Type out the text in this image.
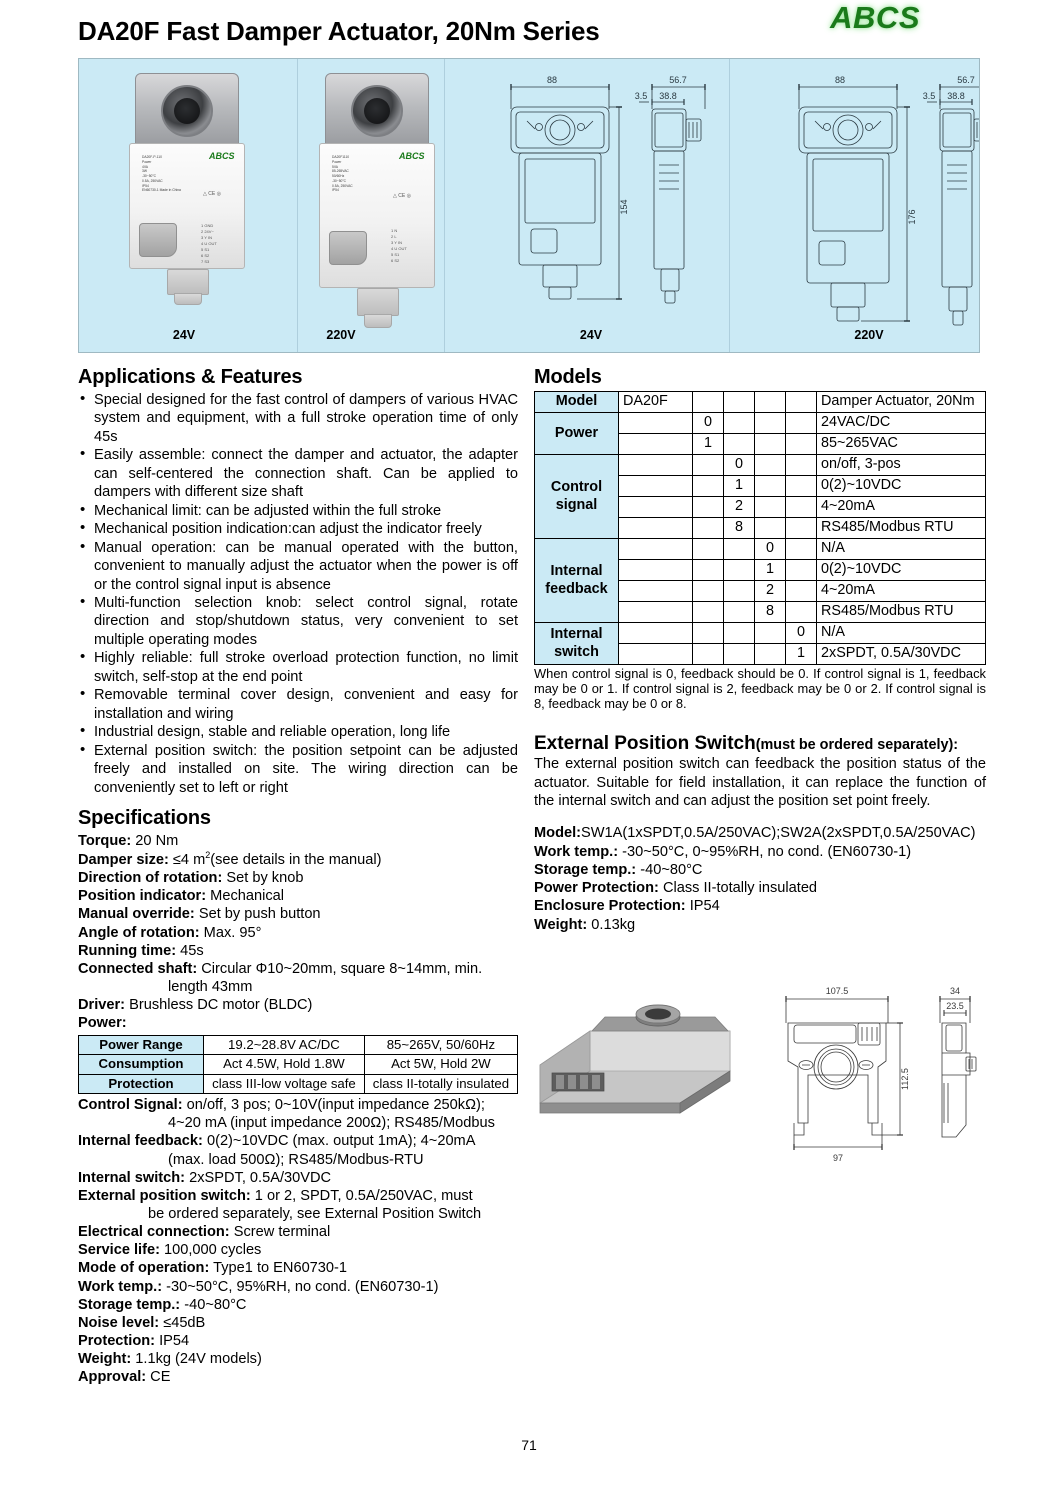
DA20F Fast Damper Actuator, 20Nm Series	ABCS
DA20F-P-110
Power
4VA
3W
-30~50°C
0.5A, 250VAC
IP54
EN60730-1 Made in China
ABCS
△ CE ◎
1 GND
2 24V~
3 Y IN
4 U OUT
5 S1
6 S2
7 S3
DA20F1110
Power
5VA
85-265VAC
50/60Hz
-30~50°C
0.5A, 250VAC
IP54
ABCS
△ CE ◎
1 N
2 L
3 Y IN
4 U OUT
5 S1
6 S2
88	56.7
3.5 38.8
154
88	56.7
3.5 38.8
176
24V	220V	24V	220V
Applications & Features
• Special designed for the fast control of dampers of various HVAC system and equipment, with a full stroke operation time of only 45s
• Easily assemble: connect the damper and actuator, the adapter can self-centered the connection shaft. Can be applied to dampers with different size shaft
• Mechanical limit: can be adjusted within the full stroke
• Mechanical position indication:can adjust the indicator freely
• Manual operation: can be manual operated with the button, convenient to manually adjust the actuator when the power is off or the control signal input is absence
• Multi-function selection knob: select control signal, rotate direction and stop/shutdown status, very convenient to set multiple operating modes
• Highly reliable: full stroke overload protection function, no limit switch, self-stop at the end point
• Removable terminal cover design, convenient and easy for installation and wiring
• Industrial design, stable and reliable operation, long life
• External position switch: the position setpoint can be adjusted freely and installed on site. The wiring direction can be conveniently set to left or right
Specifications
Torque: 20 Nm
Damper size: ≤4 $m^2(see$ details in the manual)
Direction of rotation: Set by knob
Position indicator: Mechanical
Manual override: Set by push button
Angle of rotation: Max. 95°
Running time: 45s
Connected shaft: Circular Φ10~20mm, square 8~14mm, min.
length 43mm
Driver: Brushless DC motor (BLDC)
Power:
Power Range	19.2~28.8V AC/DC	85~265V, 50/60Hz
Consumption	Act 4.5W, Hold 1.8W	Act 5W, Hold 2W
Protection	class III-low voltage safe	class II-totally insulated
Control Signal: on/off, 3 pos; 0~10V(input impedance 250kΩ);
4~20 mA (input impedance 200Ω); RS485/Modbus
Internal feedback: 0(2)~10VDC (max. output 1mA); 4~20mA
(max. load 500Ω); RS485/Modbus-RTU
Internal switch: 2xSPDT, 0.5A/30VDC
External position switch: 1 or 2, SPDT, 0.5A/250VAC, must
be ordered separately, see External Position Switch
Electrical connection: Screw terminal
Service life: 100,000 cycles
Mode of operation: Type1 to EN60730-1
Work temp.: -30~50°C, 95%RH, no cond. (EN60730-1)
Storage temp.: -40~80°C
Noise level: ≤45dB
Protection: IP54
Weight: 1.1kg (24V models)
Approval: CE
Models
Model	DA20F					Damper Actuator, 20Nm
Power		0				24VAC/DC
		1				85~265VAC
Control
signal			0			on/off, 3-pos
			1			0(2)~10VDC
			2			4~20mA
			8			RS485/Modbus RTU
Internal
feedback				0		N/A
				1		0(2)~10VDC
				2		4~20mA
				8		RS485/Modbus RTU
Internal
switch					0	N/A
					1	2xSPDT, 0.5A/30VDC
When control signal is 0, feedback should be 0. If control signal is 1, feedback may be 0 or 1. If control signal is 2, feedback may be 0 or 2. If control signal is 8, feedback may be 0 or 8.
External Position Switch(must be ordered separately):
The external position switch can feedback the position status of the actuator. Suitable for field installation, it can replace the function of the internal switch and can adjust the position set point freely.
Model:SW1A(1xSPDT,0.5A/250VAC);SW2A(2xSPDT,0.5A/250VAC)
Work temp.: -30~50°C, 0~95%RH, no cond. (EN60730-1)
Storage temp.: -40~80°C
Power Protection: Class II-totally insulated
Enclosure Protection: IP54
Weight: 0.13kg
107.5
112.5
97
34
23.5
71
